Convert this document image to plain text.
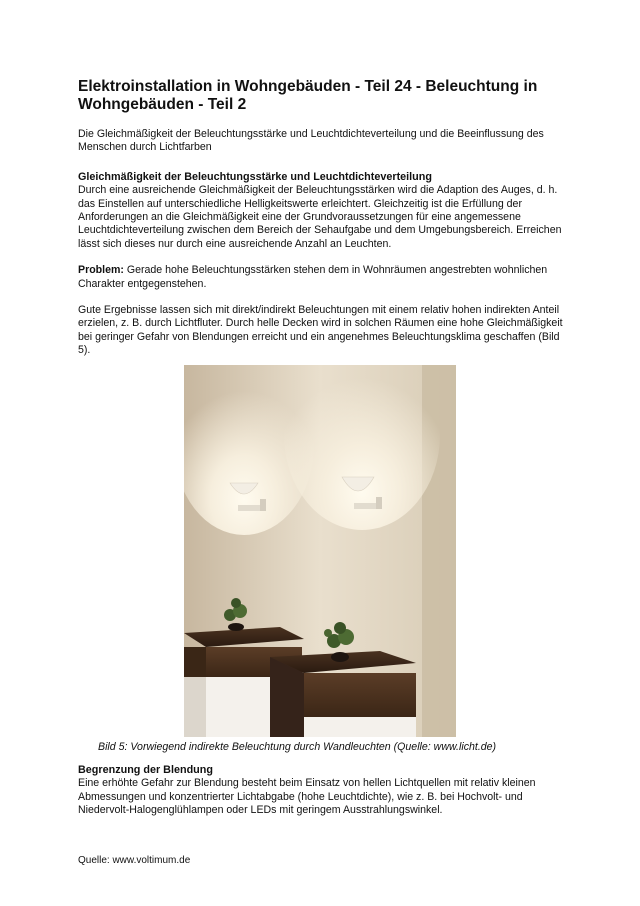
Elektroinstallation in Wohngebäuden - Teil 24 - Beleuchtung in Wohngebäuden - Teil 2

Die Gleichmäßigkeit der Beleuchtungsstärke und Leuchtdichteverteilung und die Beeinflussung des Menschen durch Lichtfarben

Gleichmäßigkeit der Beleuchtungsstärke und Leuchtdichteverteilung

Durch eine ausreichende Gleichmäßigkeit der Beleuchtungsstärken wird die Adaption des Auges, d. h. das Einstellen auf unterschiedliche Helligkeitswerte erleichtert. Gleichzeitig ist die Erfüllung der Anforderungen an die Gleichmäßigkeit eine der Grundvoraussetzungen für eine angemessene Leuchtdichteverteilung zwischen dem Bereich der Sehaufgabe und dem Umgebungsbereich. Erreichen lässt sich dieses nur durch eine ausreichende Anzahl an Leuchten.

Problem: Gerade hohe Beleuchtungsstärken stehen dem in Wohnräumen angestrebten wohnlichen Charakter entgegenstehen.

Gute Ergebnisse lassen sich mit direkt/indirekt Beleuchtungen mit einem relativ hohen indirekten Anteil erzielen, z. B. durch Lichtfluter. Durch helle Decken wird in solchen Räumen eine hohe Gleichmäßigkeit bei geringer Gefahr von Blendungen erreicht und ein angenehmes Beleuchtungsklima geschaffen (Bild 5).

Bild 5: Vorwiegend indirekte Beleuchtung durch Wandleuchten (Quelle: www.licht.de)

Begrenzung der Blendung

Eine erhöhte Gefahr zur Blendung besteht beim Einsatz von hellen Lichtquellen mit relativ kleinen Abmessungen und konzentrierter Lichtabgabe (hohe Leuchtdichte), wie z. B. bei Hochvolt- und Niedervolt-Halogenglühlampen oder LEDs mit geringem Ausstrahlungswinkel.

Quelle: www.voltimum.de
